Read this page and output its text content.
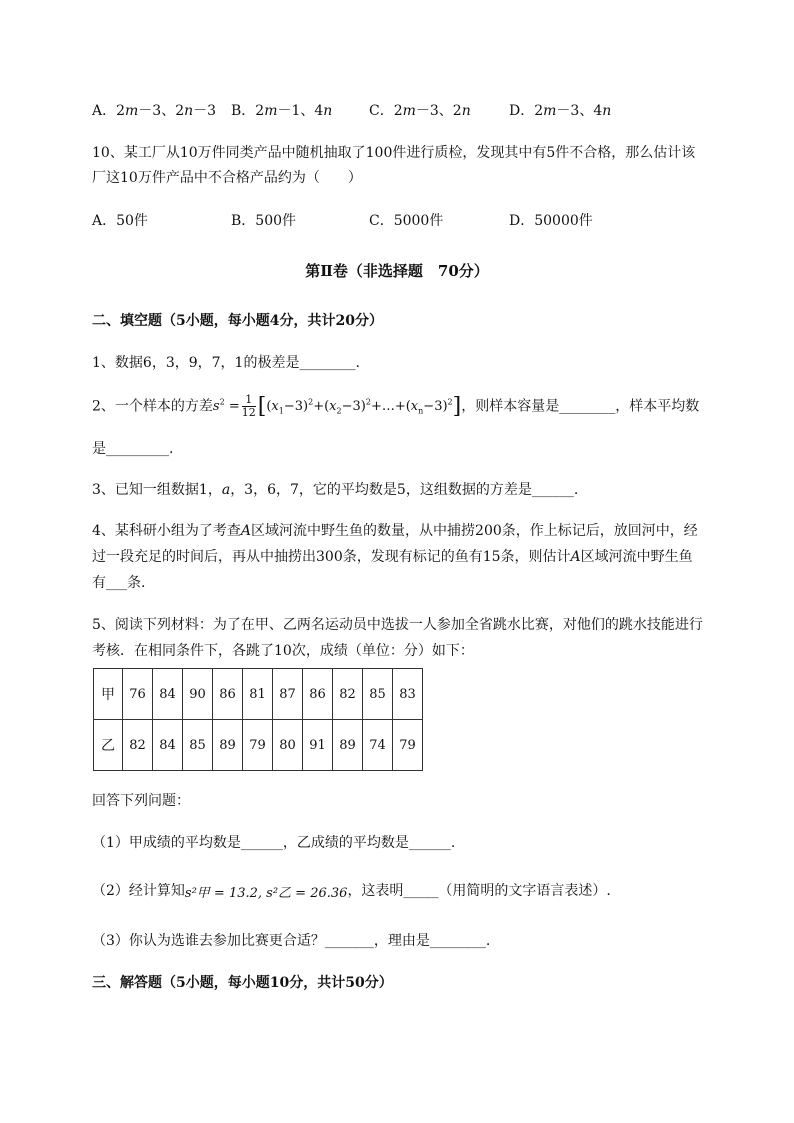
A．2𝑚－3、2𝑛－3 B．2𝑚－1、4𝑛	C．2𝑚－3、2𝑛	D．2𝑚－3、4𝑛
10、某工厂从10万件同类产品中随机抽取了100件进行质检，发现其中有5件不合格，那么估计该
厂这10万件产品中不合格产品约为（　　）
A．50件	B．500件	C．5000件	D．50000件
第Ⅱ卷（非选择题　70分）
二、填空题（5小题，每小题4分，共计20分）
1、数据6，3，9，7，1的极差是________.
2、一个样本的方差$s^2 = \frac{1}{12}$ $[(x_1-3)^2+(x_2-3)^2+\dots+(x_n-3)^2]$，则样本容量是________，样本平均数
是_________.
3、已知一组数据1，a，3，6，7，它的平均数是5，这组数据的方差是______.
4、某科研小组为了考查A区域河流中野生鱼的数量，从中捕捞200条，作上标记后，放回河中，经
过一段充足的时间后，再从中抽捞出300条，发现有标记的鱼有15条，则估计A区域河流中野生鱼
有___条.
5、阅读下列材料：为了在甲、乙两名运动员中选拔一人参加全省跳水比赛，对他们的跳水技能进行
考核．在相同条件下，各跳了10次，成绩（单位：分）如下：
甲	76	84	90	86	81	87	86	82	85	83
乙	82	84	85	89	79	80	91	89	74	79
回答下列问题：
（1）甲成绩的平均数是______，乙成绩的平均数是______.
（2）经计算知s²甲 = 13.2, s²乙 = 26.36，这表明_____（用简明的文字语言表述）.
（3）你认为选谁去参加比赛更合适？_______，理由是________.
三、解答题（5小题，每小题10分，共计50分）
